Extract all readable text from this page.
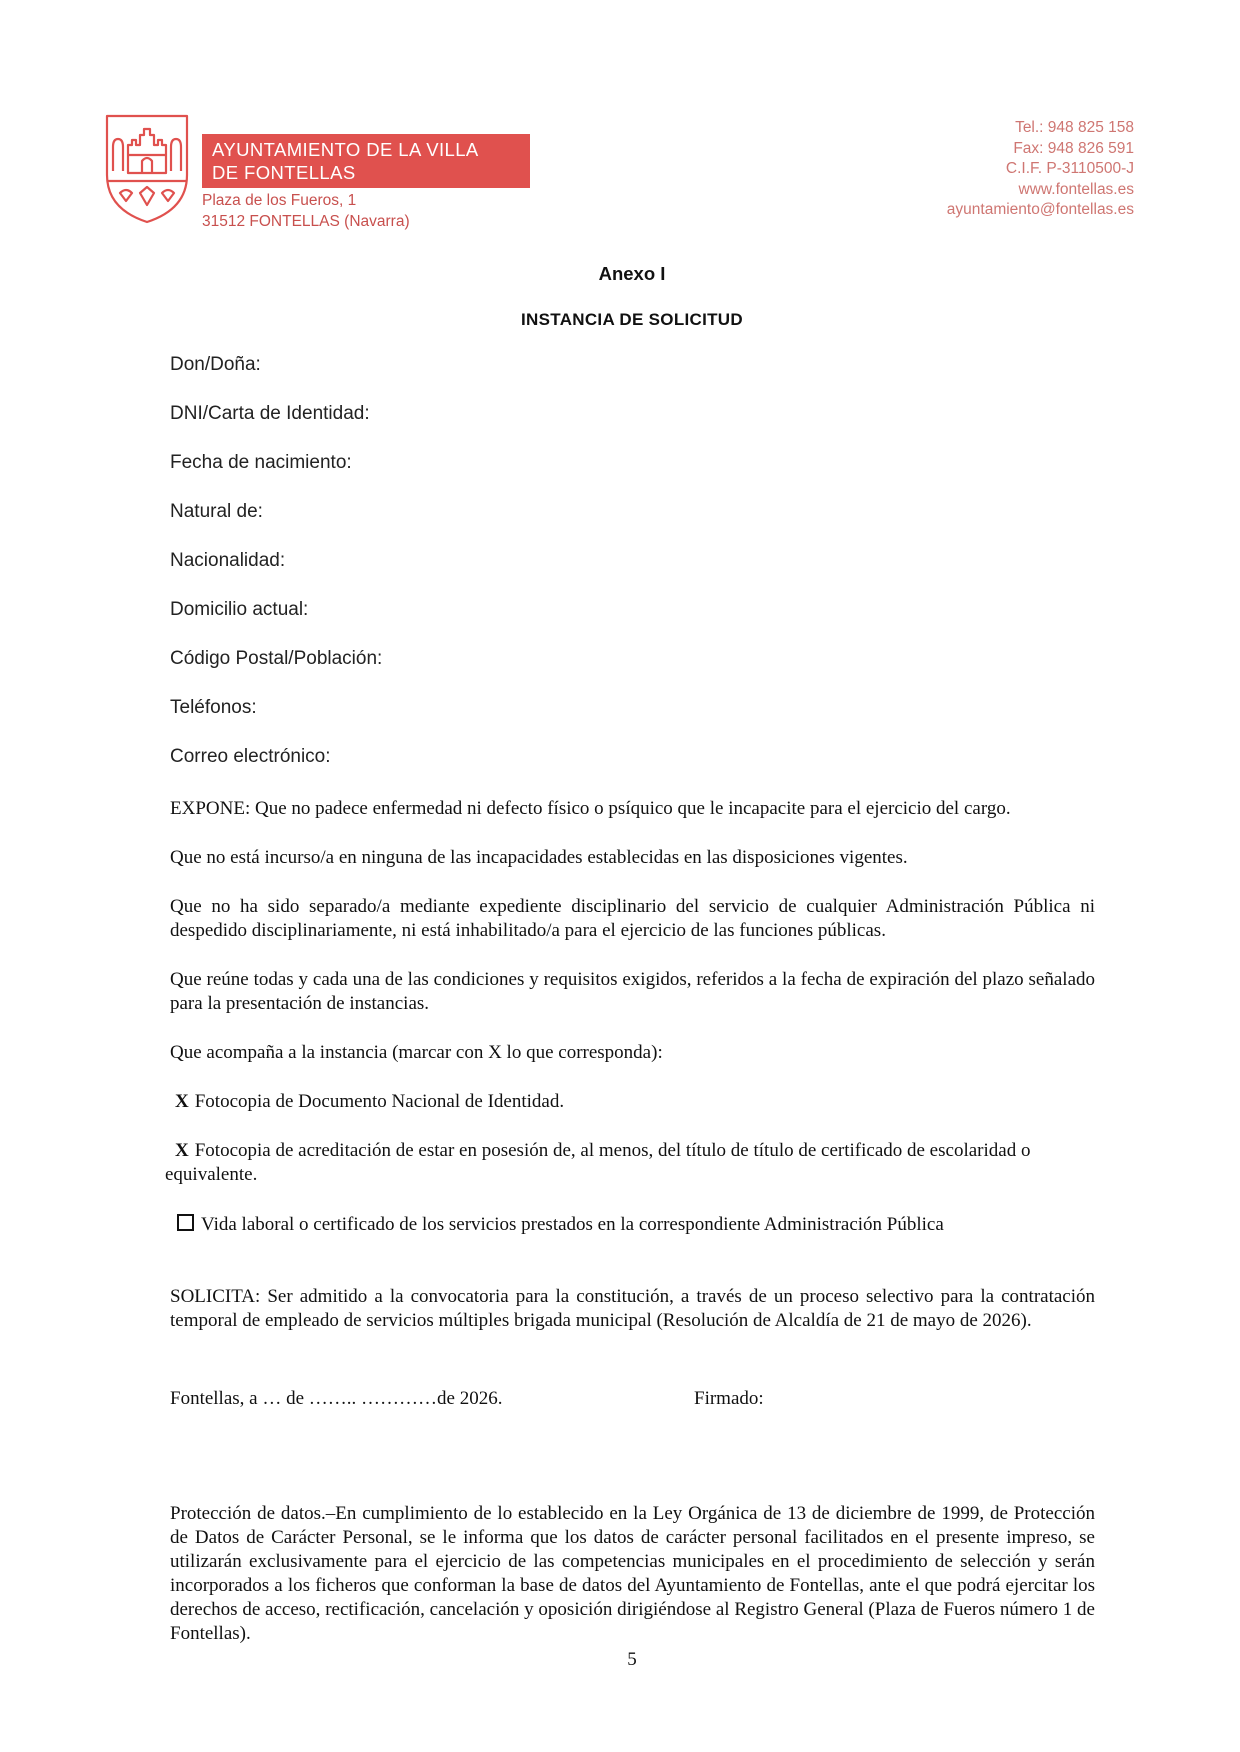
AYUNTAMIENTO DE LA VILLA
DE FONTELLAS
Plaza de los Fueros, 1
31512 FONTELLAS (Navarra)
Tel.: 948 825 158
Fax: 948 826 591
C.I.F. P-3110500-J
www.fontellas.es
ayuntamiento@fontellas.es
Anexo I
INSTANCIA DE SOLICITUD
Don/Doña:
DNI/Carta de Identidad:
Fecha de nacimiento:
Natural de:
Nacionalidad:
Domicilio actual:
Código Postal/Población:
Teléfonos:
Correo electrónico:
EXPONE: Que no padece enfermedad ni defecto físico o psíquico que le incapacite para el ejercicio del cargo.
Que no está incurso/a en ninguna de las incapacidades establecidas en las disposiciones vigentes.
Que no ha sido separado/a mediante expediente disciplinario del servicio de cualquier Administración Pública ni despedido disciplinariamente, ni está inhabilitado/a para el ejercicio de las funciones públicas.
Que reúne todas y cada una de las condiciones y requisitos exigidos, referidos a la fecha de expiración del plazo señalado para la presentación de instancias.
Que acompaña a la instancia (marcar con X lo que corresponda):
X Fotocopia de Documento Nacional de Identidad.
X Fotocopia de acreditación de estar en posesión de, al menos, del título de título de certificado de escolaridad o equivalente.
Vida laboral o certificado de los servicios prestados en la correspondiente Administración Pública
SOLICITA: Ser admitido a la convocatoria para la constitución, a través de un proceso selectivo para la contratación temporal de empleado de servicios múltiples brigada municipal (Resolución de Alcaldía de 21 de mayo de 2026).
Fontellas, a … de …….. …………de 2026.	Firmado:
Protección de datos.–En cumplimiento de lo establecido en la Ley Orgánica de 13 de diciembre de 1999, de Protección de Datos de Carácter Personal, se le informa que los datos de carácter personal facilitados en el presente impreso, se utilizarán exclusivamente para el ejercicio de las competencias municipales en el procedimiento de selección y serán incorporados a los ficheros que conforman la base de datos del Ayuntamiento de Fontellas, ante el que podrá ejercitar los derechos de acceso, rectificación, cancelación y oposición dirigiéndose al Registro General (Plaza de Fueros número 1 de Fontellas).
5
